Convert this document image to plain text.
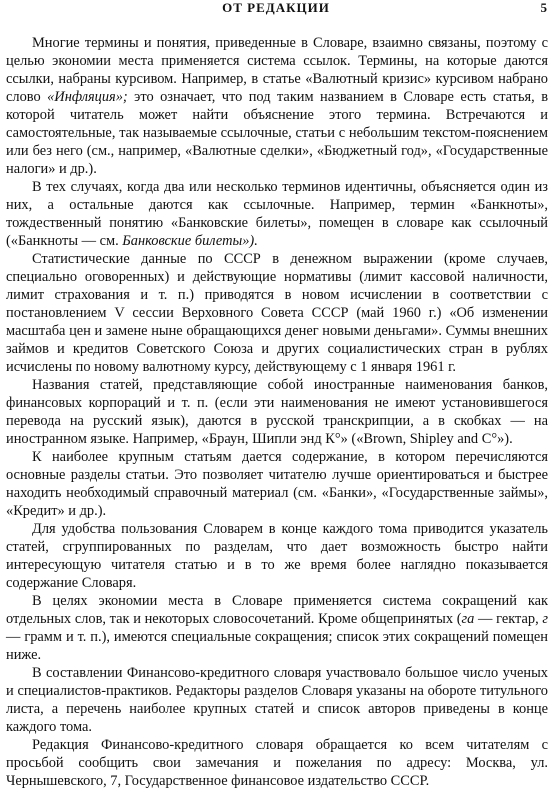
ОТ РЕДАКЦИИ	5

Многие термины и понятия, приведенные в Словаре, взаимно связаны, поэтому с целью экономии места применяется система ссылок. Термины, на которые даются ссылки, набраны курсивом. Например, в статье «Валютный кризис» курсивом набрано слово «Инфляция»; это означает, что под таким названием в Словаре есть статья, в которой читатель может найти объяснение этого термина. Встречаются и самостоятельные, так называемые ссылочные, статьи с небольшим текстом-пояснением или без него (см., например, «Валютные сделки», «Бюджетный год», «Государственные налоги» и др.).

В тех случаях, когда два или несколько терминов идентичны, объясняется один из них, а остальные даются как ссылочные. Например, термин «Банкноты», тождественный понятию «Банковские билеты», помещен в словаре как ссылочный («Банкноты — см. Банковские билеты»).

Статистические данные по СССР в денежном выражении (кроме случаев, специально оговоренных) и действующие нормативы (лимит кассовой наличности, лимит страхования и т. п.) приводятся в новом исчислении в соответствии с постановлением V сессии Верховного Совета СССР (май 1960 г.) «Об изменении масштаба цен и замене ныне обращающихся денег новыми деньгами». Суммы внешних займов и кредитов Советского Союза и других социалистических стран в рублях исчислены по новому валютному курсу, действующему с 1 января 1961 г.

Названия статей, представляющие собой иностранные наименования банков, финансовых корпораций и т. п. (если эти наименования не имеют установившегося перевода на русский язык), даются в русской транскрипции, а в скобках — на иностранном языке. Например, «Браун, Шипли энд К°» («Brown, Shipley and C°»).

К наиболее крупным статьям дается содержание, в котором перечисляются основные разделы статьи. Это позволяет читателю лучше ориентироваться и быстрее находить необходимый справочный материал (см. «Банки», «Государственные займы», «Кредит» и др.).

Для удобства пользования Словарем в конце каждого тома приводится указатель статей, сгруппированных по разделам, что дает возможность быстро найти интересующую читателя статью и в то же время более наглядно показывается содержание Словаря.

В целях экономии места в Словаре применяется система сокращений как отдельных слов, так и некоторых словосочетаний. Кроме общепринятых (га — гектар, г — грамм и т. п.), имеются специальные сокращения; список этих сокращений помещен ниже.

В составлении Финансово-кредитного словаря участвовало большое число ученых и специалистов-практиков. Редакторы разделов Словаря указаны на обороте титульного листа, а перечень наиболее крупных статей и список авторов приведены в конце каждого тома.

Редакция Финансово-кредитного словаря обращается ко всем читателям с просьбой сообщить свои замечания и пожелания по адресу: Москва, ул. Чернышевского, 7, Государственное финансовое издательство СССР.
